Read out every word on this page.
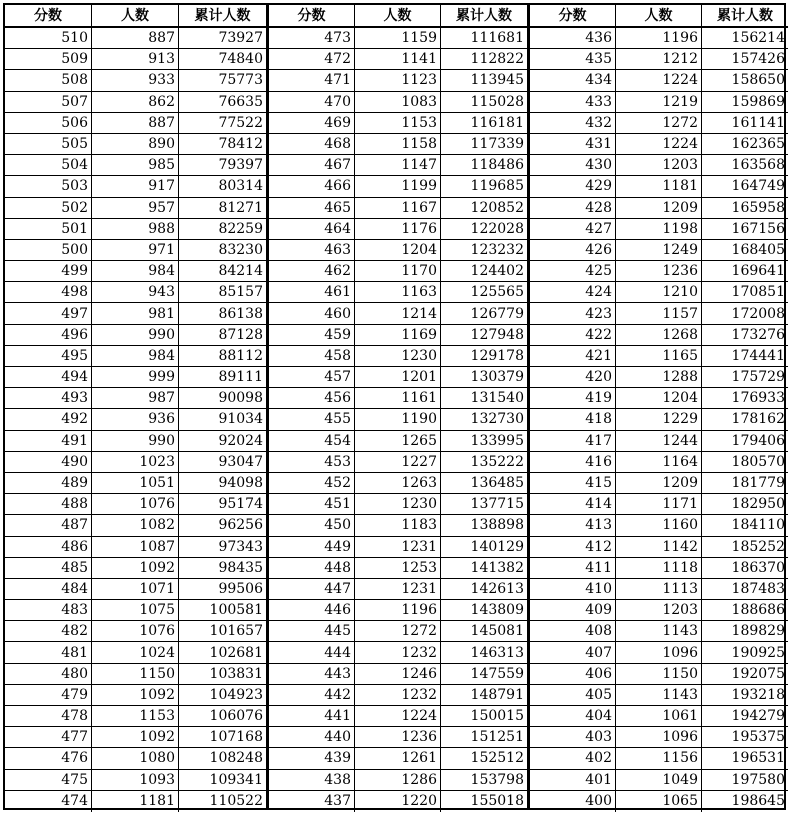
分数	人数	累计人数
510	887	73927
509	913	74840
508	933	75773
507	862	76635
506	887	77522
505	890	78412
504	985	79397
503	917	80314
502	957	81271
501	988	82259
500	971	83230
499	984	84214
498	943	85157
497	981	86138
496	990	87128
495	984	88112
494	999	89111
493	987	90098
492	936	91034
491	990	92024
490	1023	93047
489	1051	94098
488	1076	95174
487	1082	96256
486	1087	97343
485	1092	98435
484	1071	99506
483	1075	100581
482	1076	101657
481	1024	102681
480	1150	103831
479	1092	104923
478	1153	106076
477	1092	107168
476	1080	108248
475	1093	109341
474	1181	110522
分数	人数	累计人数
473	1159	111681
472	1141	112822
471	1123	113945
470	1083	115028
469	1153	116181
468	1158	117339
467	1147	118486
466	1199	119685
465	1167	120852
464	1176	122028
463	1204	123232
462	1170	124402
461	1163	125565
460	1214	126779
459	1169	127948
458	1230	129178
457	1201	130379
456	1161	131540
455	1190	132730
454	1265	133995
453	1227	135222
452	1263	136485
451	1230	137715
450	1183	138898
449	1231	140129
448	1253	141382
447	1231	142613
446	1196	143809
445	1272	145081
444	1232	146313
443	1246	147559
442	1232	148791
441	1224	150015
440	1236	151251
439	1261	152512
438	1286	153798
437	1220	155018
分数	人数	累计人数
436	1196	156214
435	1212	157426
434	1224	158650
433	1219	159869
432	1272	161141
431	1224	162365
430	1203	163568
429	1181	164749
428	1209	165958
427	1198	167156
426	1249	168405
425	1236	169641
424	1210	170851
423	1157	172008
422	1268	173276
421	1165	174441
420	1288	175729
419	1204	176933
418	1229	178162
417	1244	179406
416	1164	180570
415	1209	181779
414	1171	182950
413	1160	184110
412	1142	185252
411	1118	186370
410	1113	187483
409	1203	188686
408	1143	189829
407	1096	190925
406	1150	192075
405	1143	193218
404	1061	194279
403	1096	195375
402	1156	196531
401	1049	197580
400	1065	198645
